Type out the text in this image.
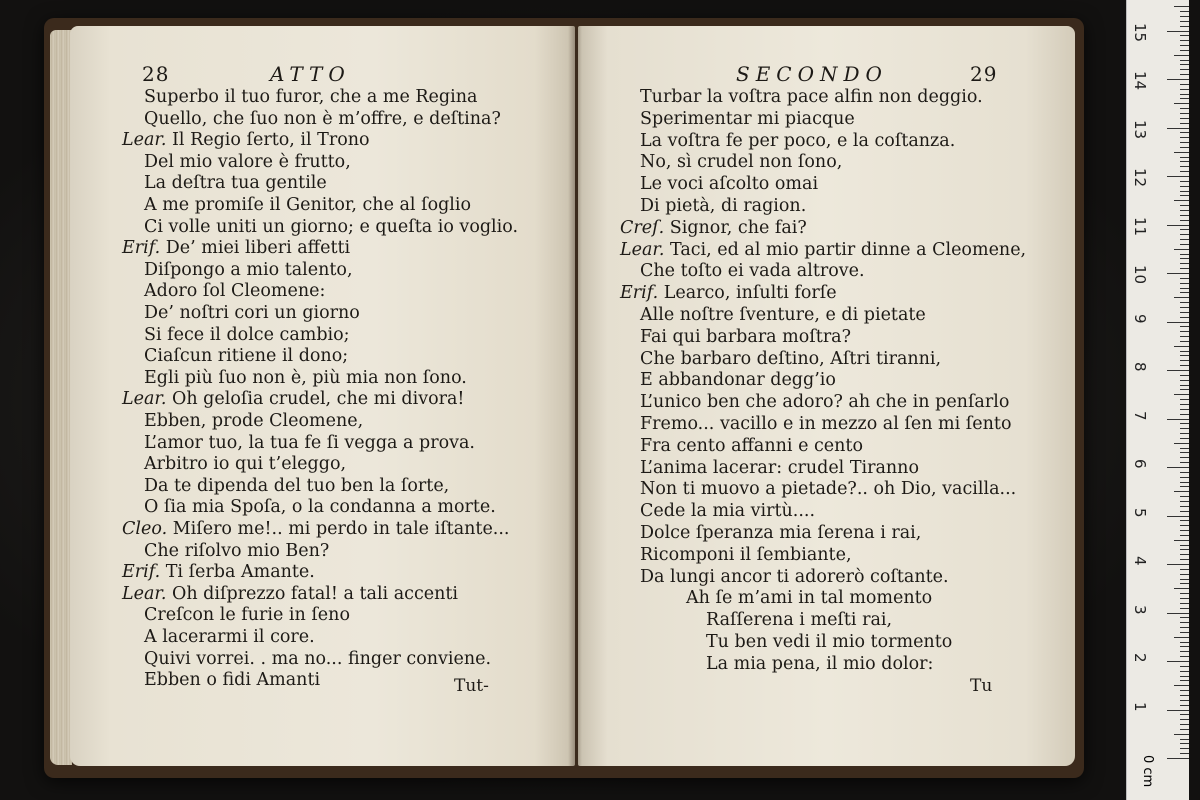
28	ATTO
Superbo il tuo furor, che a me Regina
Quello, che ſuo non è m’offre, e deſtina?
Lear. Il Regio ſerto, il Trono
Del mio valore è frutto,
La deſtra tua gentile
A me promiſe il Genitor, che al ſoglio
Ci volle uniti un giorno; e queſta io voglio.
Erif. De’ miei liberi affetti
Diſpongo a mio talento,
Adoro ſol Cleomene:
De’ noſtri cori un giorno
Si fece il dolce cambio;
Ciaſcun ritiene il dono;
Egli più ſuo non è, più mia non ſono.
Lear. Oh geloſia crudel, che mi divora!
Ebben, prode Cleomene,
L’amor tuo, la tua fe ſi vegga a prova.
Arbitro io qui t’eleggo,
Da te dipenda del tuo ben la ſorte,
O ſia mia Spoſa, o la condanna a morte.
Cleo. Miſero me!.. mi perdo in tale iſtante...
Che riſolvo mio Ben?
Erif. Ti ſerba Amante.
Lear. Oh diſprezzo fatal! a tali accenti
Creſcon le furie in ſeno
A lacerarmi il core.
Quivi vorrei. . ma no... finger conviene.
Ebben o fidi Amanti	Tut-
SECONDO	29
Turbar la voſtra pace alfin non deggio.
Sperimentar mi piacque
La voſtra fe per poco, e la coſtanza.
No, sì crudel non ſono,
Le voci aſcolto omai
Di pietà, di ragion.
Creſ. Signor, che fai?
Lear. Taci, ed al mio partir dinne a Cleomene,
Che toſto ei vada altrove.
Erif. Learco, inſulti forſe
Alle noſtre ſventure, e di pietate
Fai qui barbara moſtra?
Che barbaro deſtino, Aſtri tiranni,
E abbandonar degg’io
L’unico ben che adoro? ah che in penſarlo
Fremo... vacillo e in mezzo al ſen mi ſento
Fra cento affanni e cento
L’anima lacerar: crudel Tiranno
Non ti muovo a pietade?.. oh Dio, vacilla...
Cede la mia virtù....
Dolce ſperanza mia ſerena i rai,
Ricomponi il ſembiante,
Da lungi ancor ti adorerò coſtante.
Ah ſe m’ami in tal momento
Raſſerena i meſti rai,
Tu ben vedi il mio tormento
La mia pena, il mio dolor:
Tu
0 cm
1
2
3
4
5
6
7
8
9
10
11
12
13
14
15
